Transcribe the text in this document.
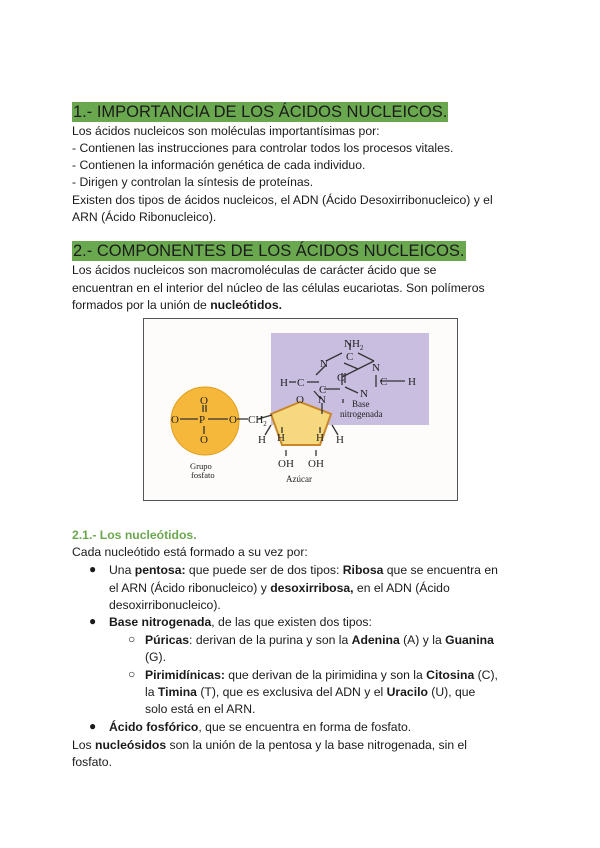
1.- IMPORTANCIA DE LOS ÁCIDOS NUCLEICOS.

Los ácidos nucleicos son moléculas importantísimas por:

- Contienen las instrucciones para controlar todos los procesos vitales.

- Contienen la información genética de cada individuo.

- Dirigen y controlan la síntesis de proteínas.

Existen dos tipos de ácidos nucleicos, el ADN (Ácido Desoxirribonucleico) y el

ARN (Ácido Ribonucleico).

2.- COMPONENTES DE LOS ÁCIDOS NUCLEICOS.

Los ácidos nucleicos son macromoléculas de carácter ácido que se

encuentran en el interior del núcleo de las células eucariotas. Son polímeros

formados por la unión de nucleótidos.

$NH_2$
N
C
N
C	C
C	N
C
N
H	H
Base
nitrogenada
O
O P O
O
$CH_2$
Grupo
fosfato
O
H	H
H	H
OH OH
Azúcar
2.1.- Los nucleótidos.

Cada nucleótido está formado a su vez por:

● Una pentosa: que puede ser de dos tipos: Ribosa que se encuentra en

el ARN (Ácido ribonucleico) y desoxirribosa, en el ADN (Ácido

desoxirribonucleico).

● Base nitrogenada, de las que existen dos tipos:

○ Púricas: derivan de la purina y son la Adenina (A) y la Guanina

(G).

○ Pirimidínicas: que derivan de la pirimidina y son la Citosina (C),

la Timina (T), que es exclusiva del ADN y el Uracilo (U), que

solo está en el ARN.

● Ácido fosfórico, que se encuentra en forma de fosfato.

Los nucleósidos son la unión de la pentosa y la base nitrogenada, sin el

fosfato.
